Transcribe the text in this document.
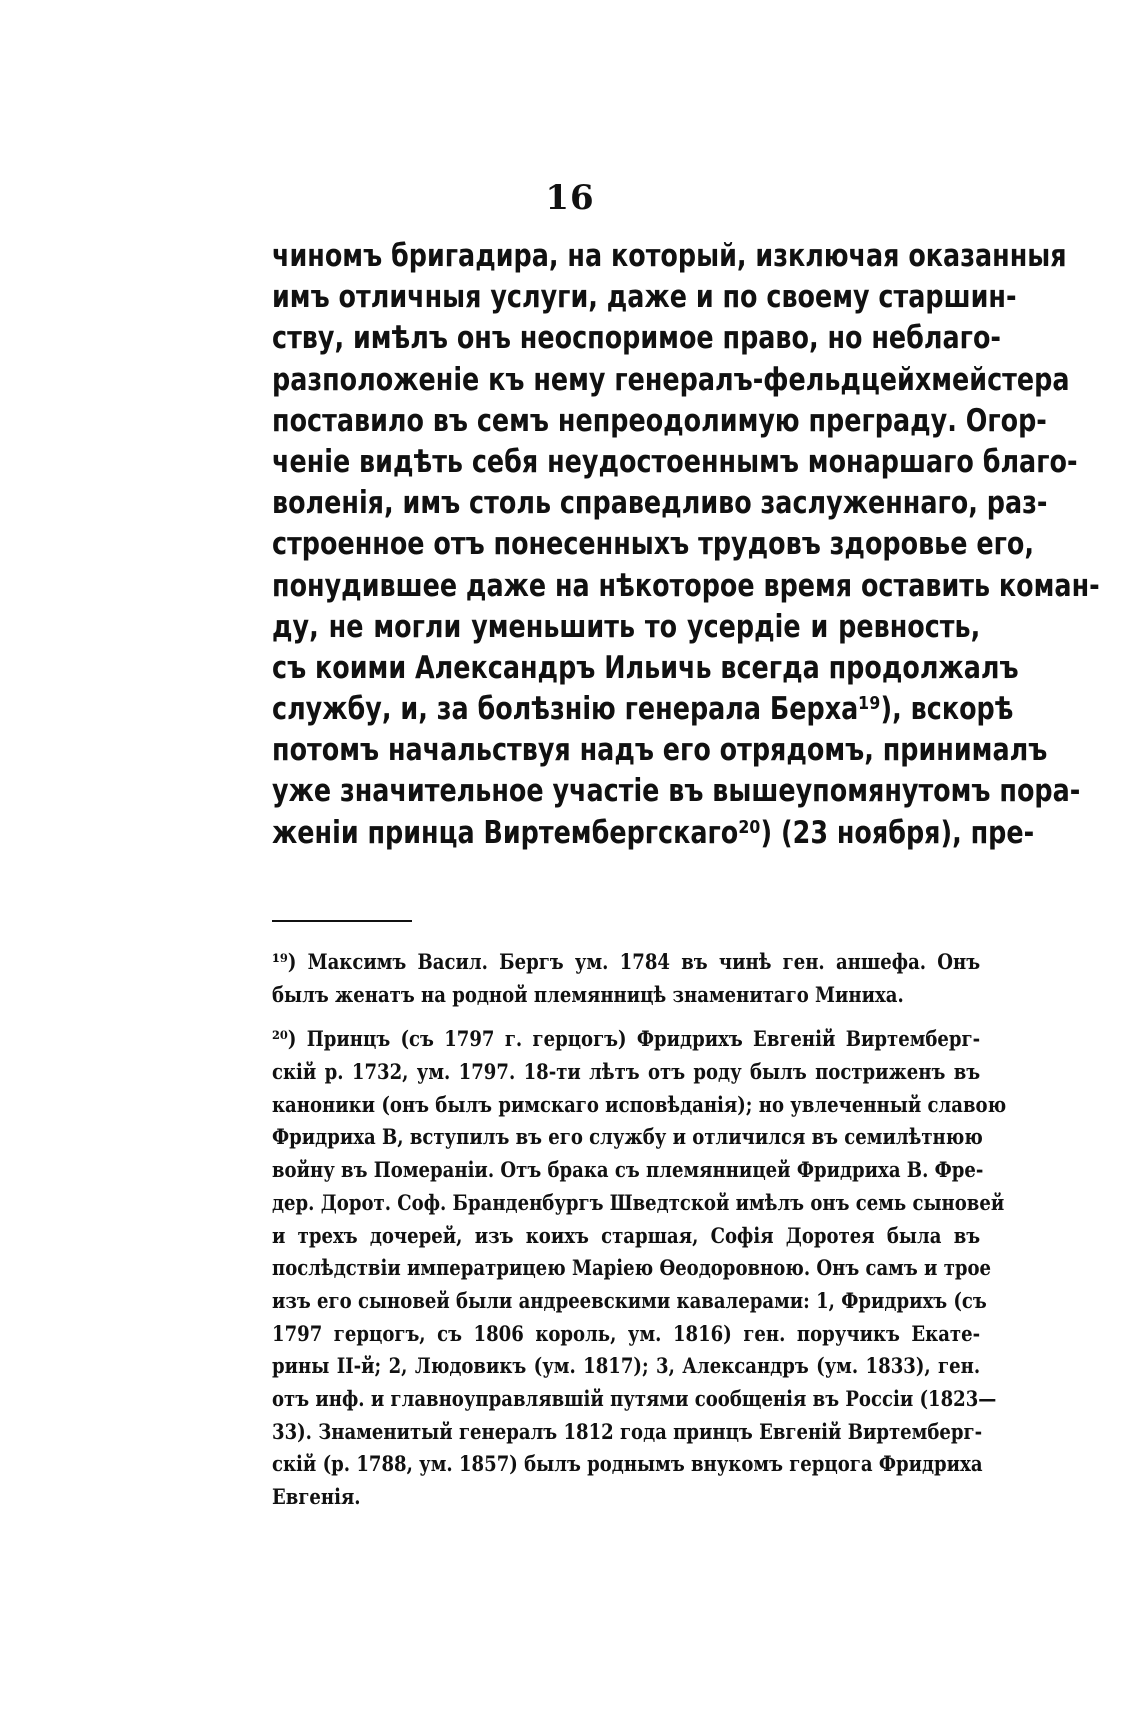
16
чиномъ бригадира, на который, изключая оказанныя
имъ отличныя услуги, даже и по своему старшин-
ству, имѣлъ онъ неоспоримое право, но неблаго-
разположеніе къ нему генералъ-фельдцейхмейстера
поставило въ семъ непреодолимую преграду. Огор-
ченіе видѣть себя неудостоеннымъ монаршаго благо-
воленія, имъ столь справедливо заслуженнаго, раз-
строенное отъ понесенныхъ трудовъ здоровье его,
понудившее даже на нѣкоторое время оставить коман-
ду, не могли уменьшить то усердіе и ревность,
съ коими Александръ Ильичь всегда продолжалъ
службу, и, за болѣзнію генерала Берха¹⁹), вскорѣ
потомъ начальствуя надъ его отрядомъ, принималъ
уже значительное участіе въ вышеупомянутомъ пора-
женіи принца Виртембергскаго²⁰) (23 ноября), пре-
¹⁹) Максимъ Васил. Бергъ ум. 1784 въ чинѣ ген. аншефа. Онъ
былъ женатъ на родной племянницѣ знаменитаго Миниха.
²⁰) Принцъ (съ 1797 г. герцогъ) Фридрихъ Евгеній Виртемберг-
скій р. 1732, ум. 1797. 18-ти лѣтъ отъ роду былъ постриженъ въ
каноники (онъ былъ римскаго исповѣданія); но увлеченный славою
Фридриха В, вступилъ въ его службу и отличился въ семилѣтнюю
войну въ Помераніи. Отъ брака съ племянницей Фридриха В. Фре-
дер. Дорот. Соф. Бранденбургъ Шведтской имѣлъ онъ семь сыновей
и трехъ дочерей, изъ коихъ старшая, Софія Доротея была въ
послѣдствіи императрицею Маріею Ѳеодоровною. Онъ самъ и трое
изъ его сыновей были андреевскими кавалерами: 1, Фридрихъ (съ
1797 герцогъ, съ 1806 король, ум. 1816) ген. поручикъ Екате-
рины II-й; 2, Людовикъ (ум. 1817); 3, Александръ (ум. 1833), ген.
отъ инф. и главноуправлявшій путями сообщенія въ Россіи (1823—
33). Знаменитый генералъ 1812 года принцъ Евгеній Виртемберг-
скій (р. 1788, ум. 1857) былъ роднымъ внукомъ герцога Фридриха
Евгенія.
